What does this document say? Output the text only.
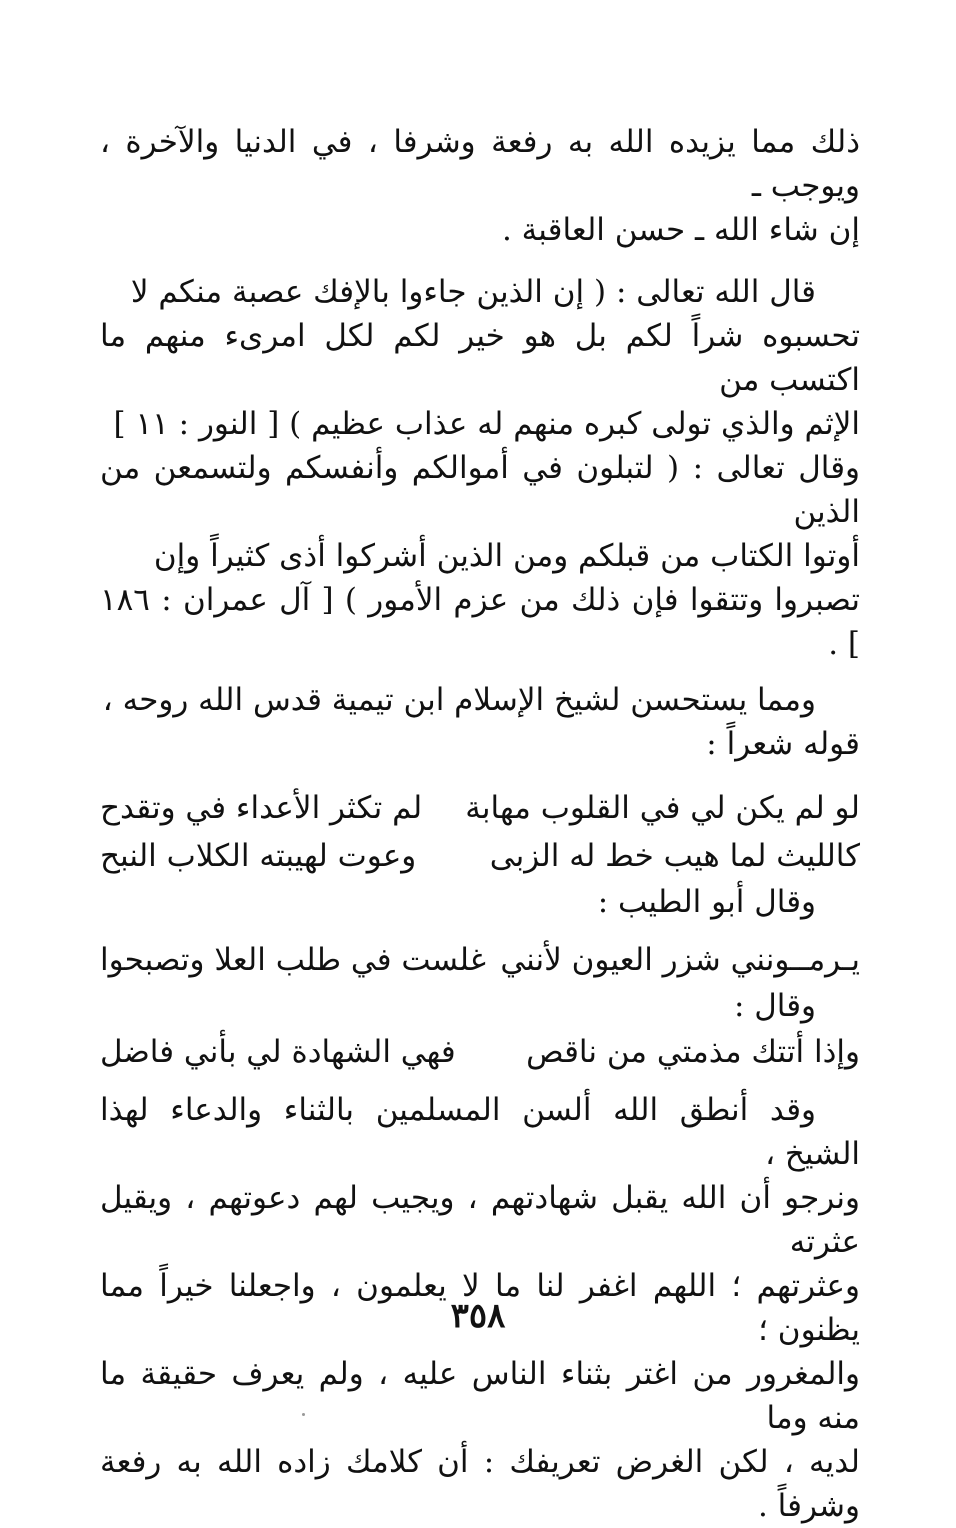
ذلك مما يزيده الله به رفعة وشرفا ، في الدنيا والآخرة ، ويوجب ـ
إن شاء الله ـ حسن العاقبة .

قال الله تعالى : ( إن الذين جاءوا بالإفك عصبة منكم لا
تحسبوه شراً لكم بل هو خير لكم لكل امرىء منهم ما اكتسب من
الإثم والذي تولى كبره منهم له عذاب عظيم ) [ النور : ١١ ]
وقال تعالى : ( لتبلون في أموالكم وأنفسكم ولتسمعن من الذين
أوتوا الكتاب من قبلكم ومن الذين أشركوا أذى كثيراً وإن
تصبروا وتتقوا فإن ذلك من عزم الأمور ) [ آل عمران : ١٨٦ ] .

ومما يستحسن لشيخ الإسلام ابن تيمية قدس الله روحه ،
قوله شعراً :

لو لم يكن لي في القلوب مهابة
لم تكثر الأعداء في وتقدح
كالليث لما هيب خط له الزبى
وعوت لهيبته الكلاب النبح

وقال أبو الطيب :

يـرمــونني شزر العيون لأنني
غلست في طلب العلا وتصبحوا

وقال :

وإذا أتتك مذمتي من ناقص
فهي الشهادة لي بأني فاضل

وقد أنطق الله ألسن المسلمين بالثناء والدعاء لهذا الشيخ ،
ونرجو أن الله يقبل شهادتهم ، ويجيب لهم دعوتهم ، ويقيل عثرته
وعثرتهم ؛ اللهم اغفر لنا ما لا يعلمون ، واجعلنا خيراً مما يظنون ؛
والمغرور من اغتر بثناء الناس عليه ، ولم يعرف حقيقة ما منه وما
لديه ، لكن الغرض تعريفك : أن كلامك زاده الله به رفعة وشرفاً .

٣٥٨
